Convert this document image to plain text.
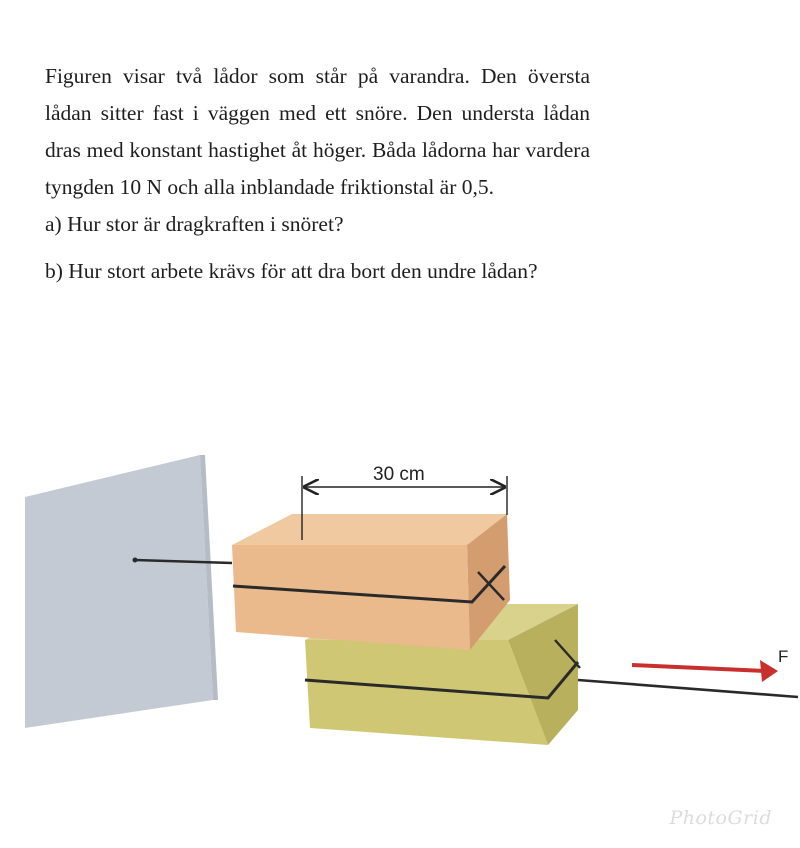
Figuren visar två lådor som står på varandra. Den översta lådan sitter fast i väggen med ett snöre. Den understa lådan dras med konstant hastighet åt höger. Båda lådorna har vardera tyngden 10 N och alla inblandade friktionstal är 0,5.

a) Hur stor är dragkraften i snöret?

b) Hur stort arbete krävs för att dra bort den undre lådan?

F
30 cm
PhotoGrid
